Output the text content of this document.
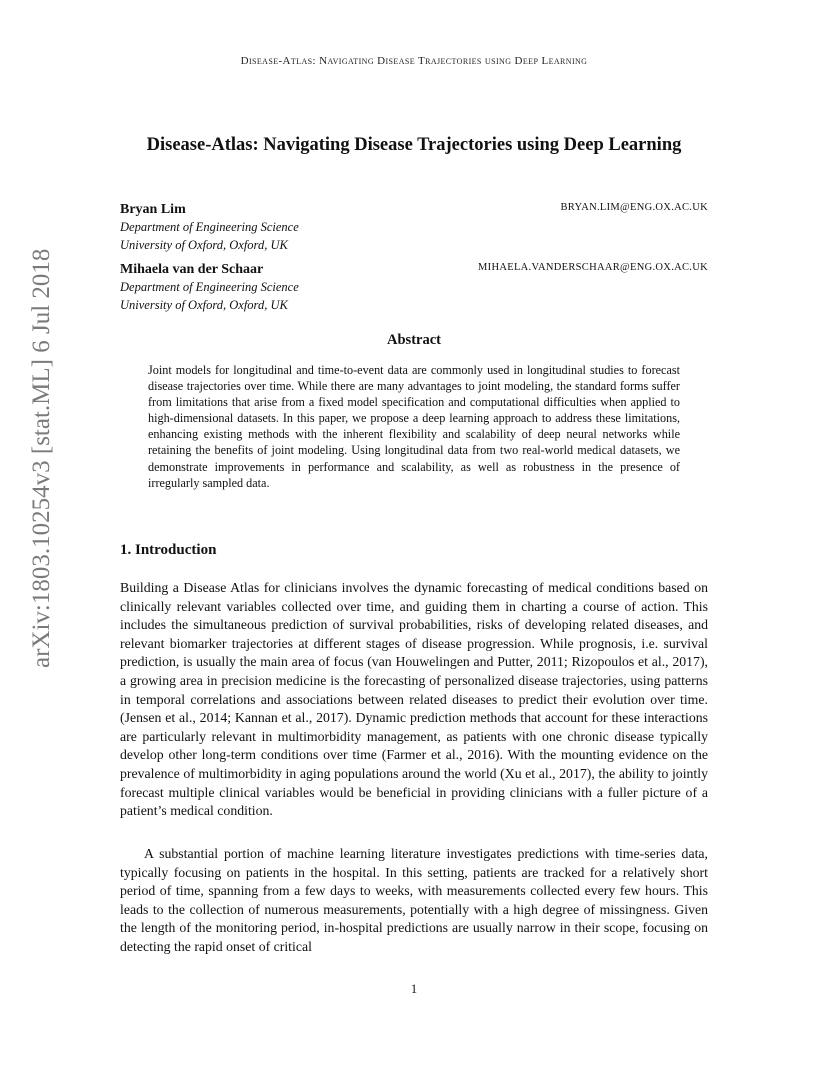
Disease-Atlas: Navigating Disease Trajectories using Deep Learning
arXiv:1803.10254v3 [stat.ML] 6 Jul 2018
Disease-Atlas: Navigating Disease Trajectories using Deep Learning
Bryan Lim	BRYAN.LIM@ENG.OX.AC.UK
Department of Engineering Science
University of Oxford, Oxford, UK
Mihaela van der Schaar	MIHAELA.VANDERSCHAAR@ENG.OX.AC.UK
Department of Engineering Science
University of Oxford, Oxford, UK
Abstract
Joint models for longitudinal and time-to-event data are commonly used in longitudinal studies to forecast disease trajectories over time. While there are many advantages to joint modeling, the standard forms suffer from limitations that arise from a fixed model specification and computational difficulties when applied to high-dimensional datasets. In this paper, we propose a deep learning approach to address these limitations, enhancing existing methods with the inherent flexibility and scalability of deep neural networks while retaining the benefits of joint modeling. Using longitudinal data from two real-world medical datasets, we demonstrate improvements in performance and scalability, as well as robustness in the presence of irregularly sampled data.
1. Introduction
Building a Disease Atlas for clinicians involves the dynamic forecasting of medical conditions based on clinically relevant variables collected over time, and guiding them in charting a course of action. This includes the simultaneous prediction of survival probabilities, risks of developing related diseases, and relevant biomarker trajectories at different stages of disease progression. While prognosis, i.e. survival prediction, is usually the main area of focus (van Houwelingen and Putter, 2011; Rizopoulos et al., 2017), a growing area in precision medicine is the forecasting of personalized disease trajectories, using patterns in temporal correlations and associations between related diseases to predict their evolution over time. (Jensen et al., 2014; Kannan et al., 2017). Dynamic prediction methods that account for these interactions are particularly relevant in multimorbidity management, as patients with one chronic disease typically develop other long-term conditions over time (Farmer et al., 2016). With the mounting evidence on the prevalence of multimorbidity in aging populations around the world (Xu et al., 2017), the ability to jointly forecast multiple clinical variables would be beneficial in providing clinicians with a fuller picture of a patient’s medical condition.
A substantial portion of machine learning literature investigates predictions with time-series data, typically focusing on patients in the hospital. In this setting, patients are tracked for a relatively short period of time, spanning from a few days to weeks, with measurements collected every few hours. This leads to the collection of numerous measurements, potentially with a high degree of missingness. Given the length of the monitoring period, in-hospital predictions are usually narrow in their scope, focusing on detecting the rapid onset of critical
1
